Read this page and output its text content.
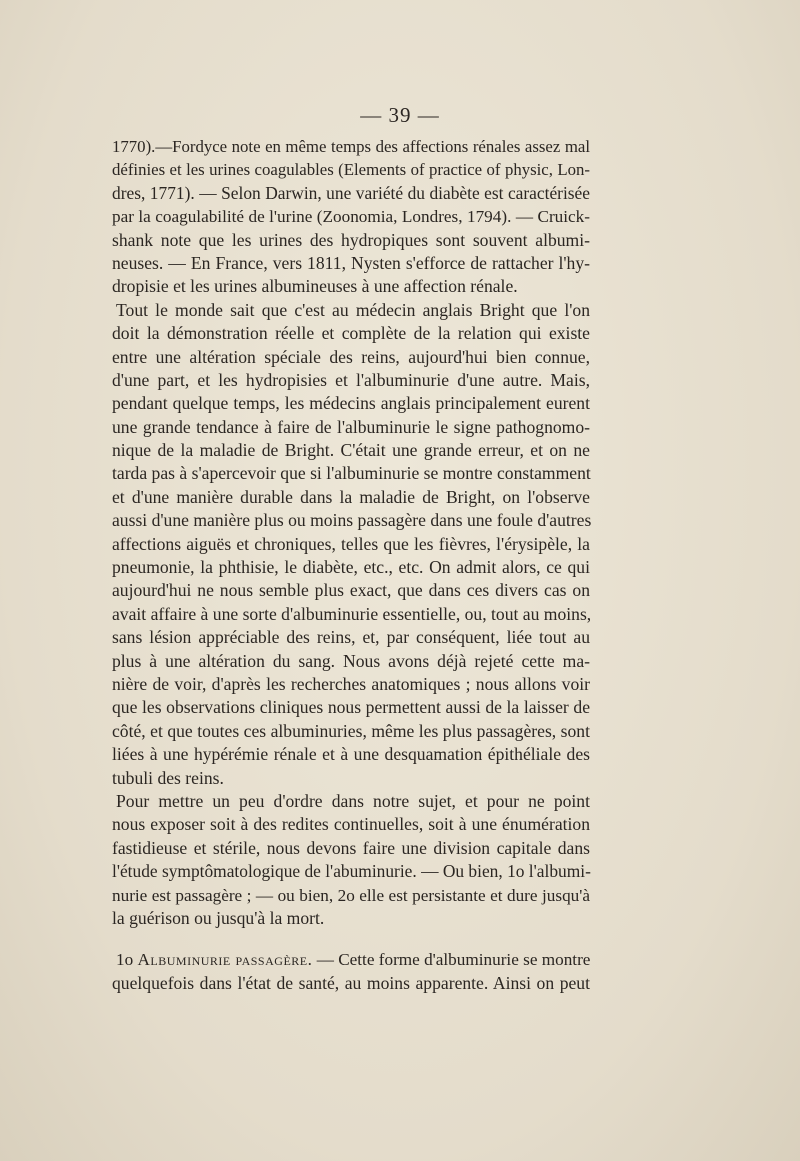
— 39 —
1770).—Fordyce note en même temps des affections rénales assez mal
définies et les urines coagulables (Elements of practice of physic, Lon-
dres, 1771). — Selon Darwin, une variété du diabète est caractérisée
par la coagulabilité de l'urine (Zoonomia, Londres, 1794). — Cruick-
shank note que les urines des hydropiques sont souvent albumi-
neuses. — En France, vers 1811, Nysten s'efforce de rattacher l'hy-
dropisie et les urines albumineuses à une affection rénale.
Tout le monde sait que c'est au médecin anglais Bright que l'on
doit la démonstration réelle et complète de la relation qui existe
entre une altération spéciale des reins, aujourd'hui bien connue,
d'une part, et les hydropisies et l'albuminurie d'une autre. Mais,
pendant quelque temps, les médecins anglais principalement eurent
une grande tendance à faire de l'albuminurie le signe pathognomo-
nique de la maladie de Bright. C'était une grande erreur, et on ne
tarda pas à s'apercevoir que si l'albuminurie se montre constamment
et d'une manière durable dans la maladie de Bright, on l'observe
aussi d'une manière plus ou moins passagère dans une foule d'autres
affections aiguës et chroniques, telles que les fièvres, l'érysipèle, la
pneumonie, la phthisie, le diabète, etc., etc. On admit alors, ce qui
aujourd'hui ne nous semble plus exact, que dans ces divers cas on
avait affaire à une sorte d'albuminurie essentielle, ou, tout au moins,
sans lésion appréciable des reins, et, par conséquent, liée tout au
plus à une altération du sang. Nous avons déjà rejeté cette ma-
nière de voir, d'après les recherches anatomiques ; nous allons voir
que les observations cliniques nous permettent aussi de la laisser de
côté, et que toutes ces albuminuries, même les plus passagères, sont
liées à une hypérémie rénale et à une desquamation épithéliale des
tubuli des reins.
Pour mettre un peu d'ordre dans notre sujet, et pour ne point
nous exposer soit à des redites continuelles, soit à une énumération
fastidieuse et stérile, nous devons faire une division capitale dans
l'étude symptômatologique de l'abuminurie. — Ou bien, 1o l'albumi-
nurie est passagère ; — ou bien, 2o elle est persistante et dure jusqu'à
la guérison ou jusqu'à la mort.
1o Albuminurie passagère. — Cette forme d'albuminurie se montre
quelquefois dans l'état de santé, au moins apparente. Ainsi on peut
